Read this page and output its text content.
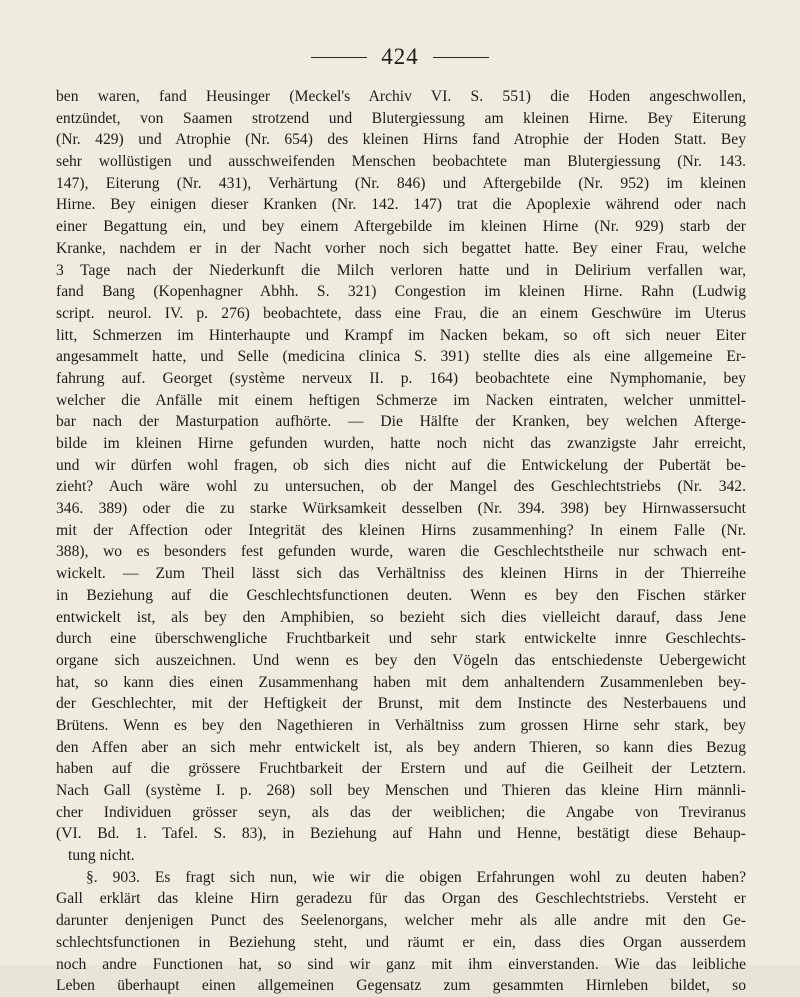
424
ben waren, fand Heusinger (Meckel's Archiv VI. S. 551) die Hoden angeschwollen,
entzündet, von Saamen strotzend und Blutergiessung am kleinen Hirne. Bey Eiterung
(Nr. 429) und Atrophie (Nr. 654) des kleinen Hirns fand Atrophie der Hoden Statt. Bey
sehr wollüstigen und ausschweifenden Menschen beobachtete man Blutergiessung (Nr. 143.
147), Eiterung (Nr. 431), Verhärtung (Nr. 846) und Aftergebilde (Nr. 952) im kleinen
Hirne. Bey einigen dieser Kranken (Nr. 142. 147) trat die Apoplexie während oder nach
einer Begattung ein, und bey einem Aftergebilde im kleinen Hirne (Nr. 929) starb der
Kranke, nachdem er in der Nacht vorher noch sich begattet hatte. Bey einer Frau, welche
3 Tage nach der Niederkunft die Milch verloren hatte und in Delirium verfallen war,
fand Bang (Kopenhagner Abhh. S. 321) Congestion im kleinen Hirne. Rahn (Ludwig
script. neurol. IV. p. 276) beobachtete, dass eine Frau, die an einem Geschwüre im Uterus
litt, Schmerzen im Hinterhaupte und Krampf im Nacken bekam, so oft sich neuer Eiter
angesammelt hatte, und Selle (medicina clinica S. 391) stellte dies als eine allgemeine Er-
fahrung auf. Georget (système nerveux II. p. 164) beobachtete eine Nymphomanie, bey
welcher die Anfälle mit einem heftigen Schmerze im Nacken eintraten, welcher unmittel-
bar nach der Masturpation aufhörte. — Die Hälfte der Kranken, bey welchen Afterge-
bilde im kleinen Hirne gefunden wurden, hatte noch nicht das zwanzigste Jahr erreicht,
und wir dürfen wohl fragen, ob sich dies nicht auf die Entwickelung der Pubertät be-
zieht? Auch wäre wohl zu untersuchen, ob der Mangel des Geschlechtstriebs (Nr. 342.
346. 389) oder die zu starke Würksamkeit desselben (Nr. 394. 398) bey Hirnwassersucht
mit der Affection oder Integrität des kleinen Hirns zusammenhing? In einem Falle (Nr.
388), wo es besonders fest gefunden wurde, waren die Geschlechtstheile nur schwach ent-
wickelt. — Zum Theil lässt sich das Verhältniss des kleinen Hirns in der Thierreihe
in Beziehung auf die Geschlechtsfunctionen deuten. Wenn es bey den Fischen stärker
entwickelt ist, als bey den Amphibien, so bezieht sich dies vielleicht darauf, dass Jene
durch eine überschwengliche Fruchtbarkeit und sehr stark entwickelte innre Geschlechts-
organe sich auszeichnen. Und wenn es bey den Vögeln das entschiedenste Uebergewicht
hat, so kann dies einen Zusammenhang haben mit dem anhaltendern Zusammenleben bey-
der Geschlechter, mit der Heftigkeit der Brunst, mit dem Instincte des Nesterbauens und
Brütens. Wenn es bey den Nagethieren in Verhältniss zum grossen Hirne sehr stark, bey
den Affen aber an sich mehr entwickelt ist, als bey andern Thieren, so kann dies Bezug
haben auf die grössere Fruchtbarkeit der Erstern und auf die Geilheit der Letztern.
Nach Gall (système I. p. 268) soll bey Menschen und Thieren das kleine Hirn männli-
cher Individuen grösser seyn, als das der weiblichen; die Angabe von Treviranus
(VI. Bd. 1. Tafel. S. 83), in Beziehung auf Hahn und Henne, bestätigt diese Behaup-
tung nicht.
§. 903. Es fragt sich nun, wie wir die obigen Erfahrungen wohl zu deuten haben?
Gall erklärt das kleine Hirn geradezu für das Organ des Geschlechtstriebs. Versteht er
darunter denjenigen Punct des Seelenorgans, welcher mehr als alle andre mit den Ge-
schlechtsfunctionen in Beziehung steht, und räumt er ein, dass dies Organ ausserdem
noch andre Functionen hat, so sind wir ganz mit ihm einverstanden. Wie das leibliche
Leben überhaupt einen allgemeinen Gegensatz zum gesammten Hirnleben bildet, so
